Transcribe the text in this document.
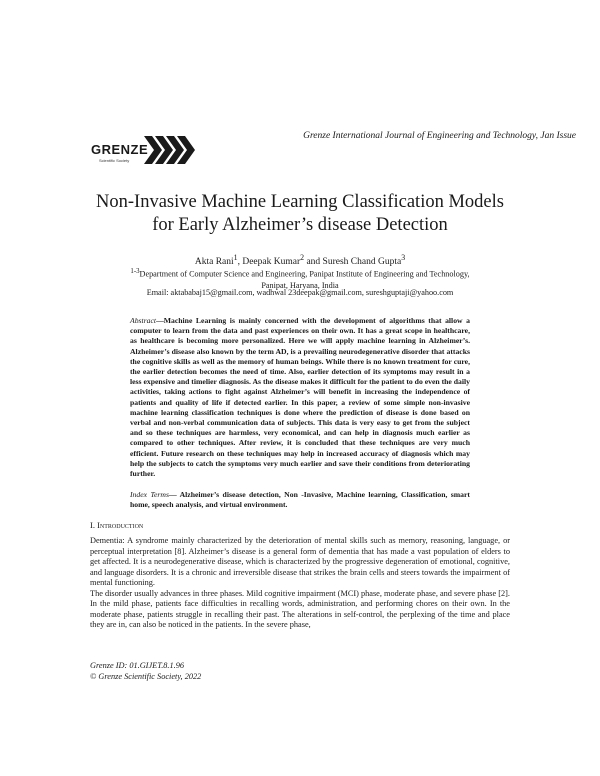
Grenze International Journal of Engineering and Technology, Jan Issue
GRENZE
Scientific Society
Non-Invasive Machine Learning Classification Models
for Early Alzheimer’s disease Detection
Akta Rani$^1$, Deepak Kumar$^2$ and Suresh Chand Gupta$^3$
$^{1-3}$Department of Computer Science and Engineering, Panipat Institute of Engineering and Technology,
Panipat, Haryana, India
Email: aktababaj15@gmail.com, wadhwal 23deepak@gmail.com, sureshguptaji@yahoo.com
Abstract—Machine Learning is mainly concerned with the development of algorithms that allow a computer to learn from the data and past experiences on their own. It has a great scope in healthcare, as healthcare is becoming more personalized. Here we will apply machine learning in Alzheimer’s. Alzheimer’s disease also known by the term AD, is a prevailing neurodegenerative disorder that attacks the cognitive skills as well as the memory of human beings. While there is no known treatment for cure, the earlier detection becomes the need of time. Also, earlier detection of its symptoms may result in a less expensive and timelier diagnosis. As the disease makes it difficult for the patient to do even the daily activities, taking actions to fight against Alzheimer’s will benefit in increasing the independence of patients and quality of life if detected earlier. In this paper, a review of some simple non-invasive machine learning classification techniques is done where the prediction of disease is done based on verbal and non-verbal communication data of subjects. This data is very easy to get from the subject and so these techniques are harmless, very economical, and can help in diagnosis much earlier as compared to other techniques. After review, it is concluded that these techniques are very much efficient. Future research on these techniques may help in increased accuracy of diagnosis which may help the subjects to catch the symptoms very much earlier and save their conditions from deteriorating further.
Index Terms— Alzheimer’s disease detection, Non -Invasive, Machine learning, Classification, smart home, speech analysis, and virtual environment.
I. Introduction

Dementia: A syndrome mainly characterized by the deterioration of mental skills such as memory, reasoning, language, or perceptual interpretation [8]. Alzheimer’s disease is a general form of dementia that has made a vast population of elders to get affected. It is a neurodegenerative disease, which is characterized by the progressive degeneration of emotional, cognitive, and language disorders. It is a chronic and irreversible disease that strikes the brain cells and steers towards the impairment of mental functioning.

The disorder usually advances in three phases. Mild cognitive impairment (MCI) phase, moderate phase, and severe phase [2]. In the mild phase, patients face difficulties in recalling words, administration, and performing chores on their own. In the moderate phase, patients struggle in recalling their past. The alterations in self-control, the perplexing of the time and place they are in, can also be noticed in the patients. In the severe phase,

Grenze ID: 01.GIJET.8.1.96
© Grenze Scientific Society, 2022
